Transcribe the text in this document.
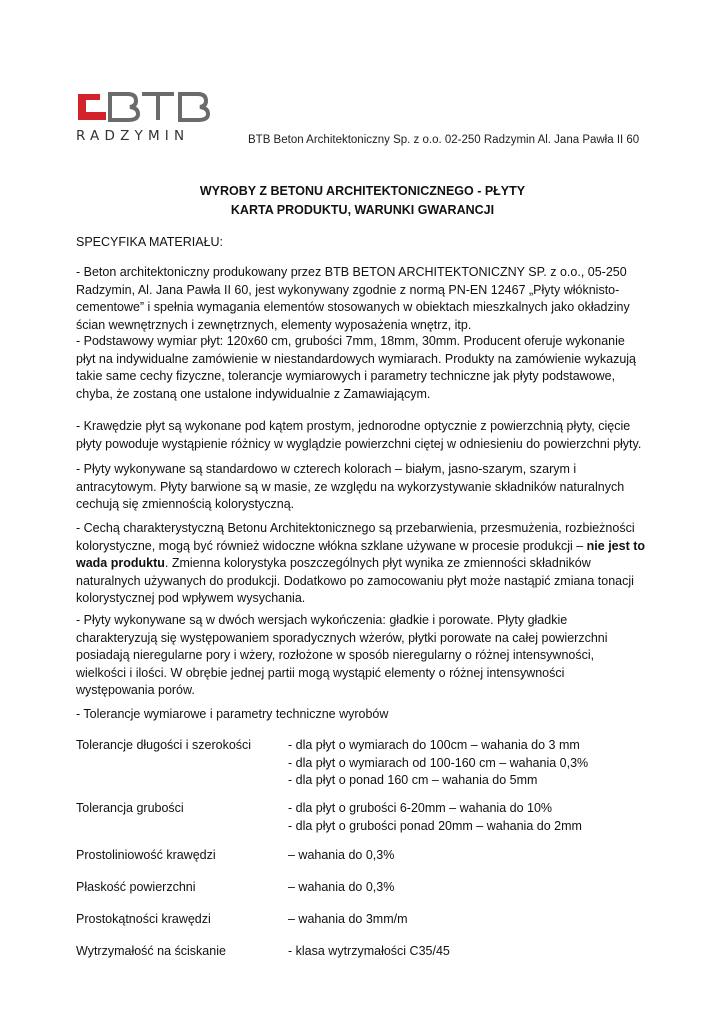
RADZYMIN	BTB Beton Architektoniczny Sp. z o.o. 02-250 Radzymin Al. Jana Pawła II 60
WYROBY Z BETONU ARCHITEKTONICZNEGO - PŁYTY
KARTA PRODUKTU, WARUNKI GWARANCJI
SPECYFIKA MATERIAŁU:
- Beton architektoniczny produkowany przez BTB BETON ARCHITEKTONICZNY SP. z o.o., 05-250 Radzymin, Al. Jana Pawła II 60, jest wykonywany zgodnie z normą PN-EN 12467 „Płyty włóknisto-cementowe” i spełnia wymagania elementów stosowanych w obiektach mieszkalnych jako okładziny ścian wewnętrznych i zewnętrznych, elementy wyposażenia wnętrz, itp.
- Podstawowy wymiar płyt: 120x60 cm, grubości 7mm, 18mm, 30mm. Producent oferuje wykonanie płyt na indywidualne zamówienie w niestandardowych wymiarach. Produkty na zamówienie wykazują takie same cechy fizyczne, tolerancje wymiarowych i parametry techniczne jak płyty podstawowe, chyba, że zostaną one ustalone indywidualnie z Zamawiającym.
- Krawędzie płyt są wykonane pod kątem prostym, jednorodne optycznie z powierzchnią płyty, cięcie płyty powoduje wystąpienie różnicy w wyglądzie powierzchni ciętej w odniesieniu do powierzchni płyty.
- Płyty wykonywane są standardowo w czterech kolorach – białym, jasno-szarym, szarym i antracytowym. Płyty barwione są w masie, ze względu na wykorzystywanie składników naturalnych cechują się zmiennością kolorystyczną.
- Cechą charakterystyczną Betonu Architektonicznego są przebarwienia, przesmużenia, rozbieżności kolorystyczne, mogą być również widoczne włókna szklane używane w procesie produkcji – nie jest to wada produktu. Zmienna kolorystyka poszczególnych płyt wynika ze zmienności składników naturalnych używanych do produkcji. Dodatkowo po zamocowaniu płyt może nastąpić zmiana tonacji kolorystycznej pod wpływem wysychania.
- Płyty wykonywane są w dwóch wersjach wykończenia: gładkie i porowate. Płyty gładkie charakteryzują się występowaniem sporadycznych wżerów, płytki porowate na całej powierzchni posiadają nieregularne pory i wżery, rozłożone w sposób nieregularny o różnej intensywności, wielkości i ilości. W obrębie jednej partii mogą wystąpić elementy o różnej intensywności występowania porów.
- Tolerancje wymiarowe i parametry techniczne wyrobów
Tolerancje długości i szerokości	- dla płyt o wymiarach do 100cm – wahania do 3 mm
- dla płyt o wymiarach od 100-160 cm – wahania 0,3%
- dla płyt o ponad 160 cm – wahania do 5mm
Tolerancja grubości	- dla płyt o grubości 6-20mm – wahania do 10%
- dla płyt o grubości ponad 20mm – wahania do 2mm
Prostoliniowość krawędzi	– wahania do 0,3%
Płaskość powierzchni	– wahania do 0,3%
Prostokątności krawędzi	– wahania do 3mm/m
Wytrzymałość na ściskanie	- klasa wytrzymałości C35/45
